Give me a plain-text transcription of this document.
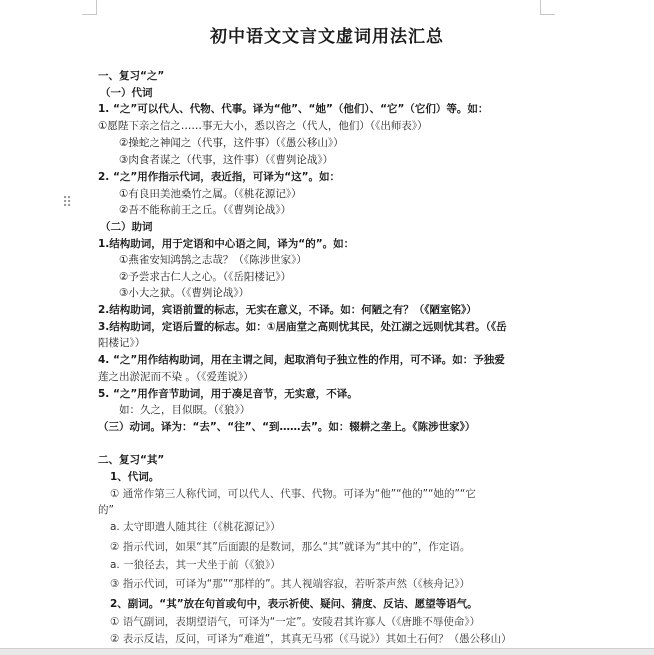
⠿
初中语文文言文虚词用法汇总
一、复习“之”
（一）代词
1. “之”可以代人、代物、代事。译为“他”、“她”（他们）、“它”（它们）等。如：
①愿陛下亲之信之……事无大小，悉以咨之（代人，他们）（《出师表》）
②操蛇之神闻之（代事，这件事）（《愚公移山》）
③肉食者谋之（代事，这件事）（《曹刿论战》）
2. “之”用作指示代词，表近指，可译为“这”。如：
①有良田美池桑竹之属。（《桃花源记》）
②吾不能称前王之丘。（《曹刿论战》）
（二）助词
1.结构助词，用于定语和中心语之间，译为“的”。如：
①燕雀安知鸿鹄之志哉？（《陈涉世家》）
②予尝求古仁人之心。（《岳阳楼记》）
③小大之狱。（《曹刿论战》）
2.结构助词，宾语前置的标志，无实在意义，不译。如：何陋之有？（《陋室铭》）
3.结构助词，定语后置的标志。如：①居庙堂之高则忧其民，处江湖之远则忧其君。（《岳
阳楼记》）
4. “之”用作结构助词，用在主谓之间，起取消句子独立性的作用，可不译。如：予独爱
莲之出淤泥而不染 。（《爱莲说》）
5. “之”用作音节助词，用于凑足音节，无实意，不译。
如：久之，目似瞑。（《狼》）
（三）动词。译为：“去”、“往”、“到……去”。如：辍耕之垄上。《陈涉世家》）
二、复习“其”
1、代词。
① 通常作第三人称代词，可以代人、代事、代物。可译为“他”“他的”“她的”“它
的”
a. 太守即遣人随其往（《桃花源记》）
② 指示代词，如果“其”后面跟的是数词，那么“其”就译为“其中的”，作定语。
a. 一狼径去，其一犬坐于前（《狼》）
③ 指示代词，可译为“那”“那样的”。其人视端容寂，若听茶声然（《核舟记》）
2、副词。“其”放在句首或句中，表示祈使、疑问、猜度、反诘、愿望等语气。
① 语气副词，表期望语气，可译为“一定”。安陵君其许寡人（《唐雎不辱使命》）
② 表示反诘，反问，可译为“难道”，其真无马邪（《马说》）其如土石何？（愚公移山）
